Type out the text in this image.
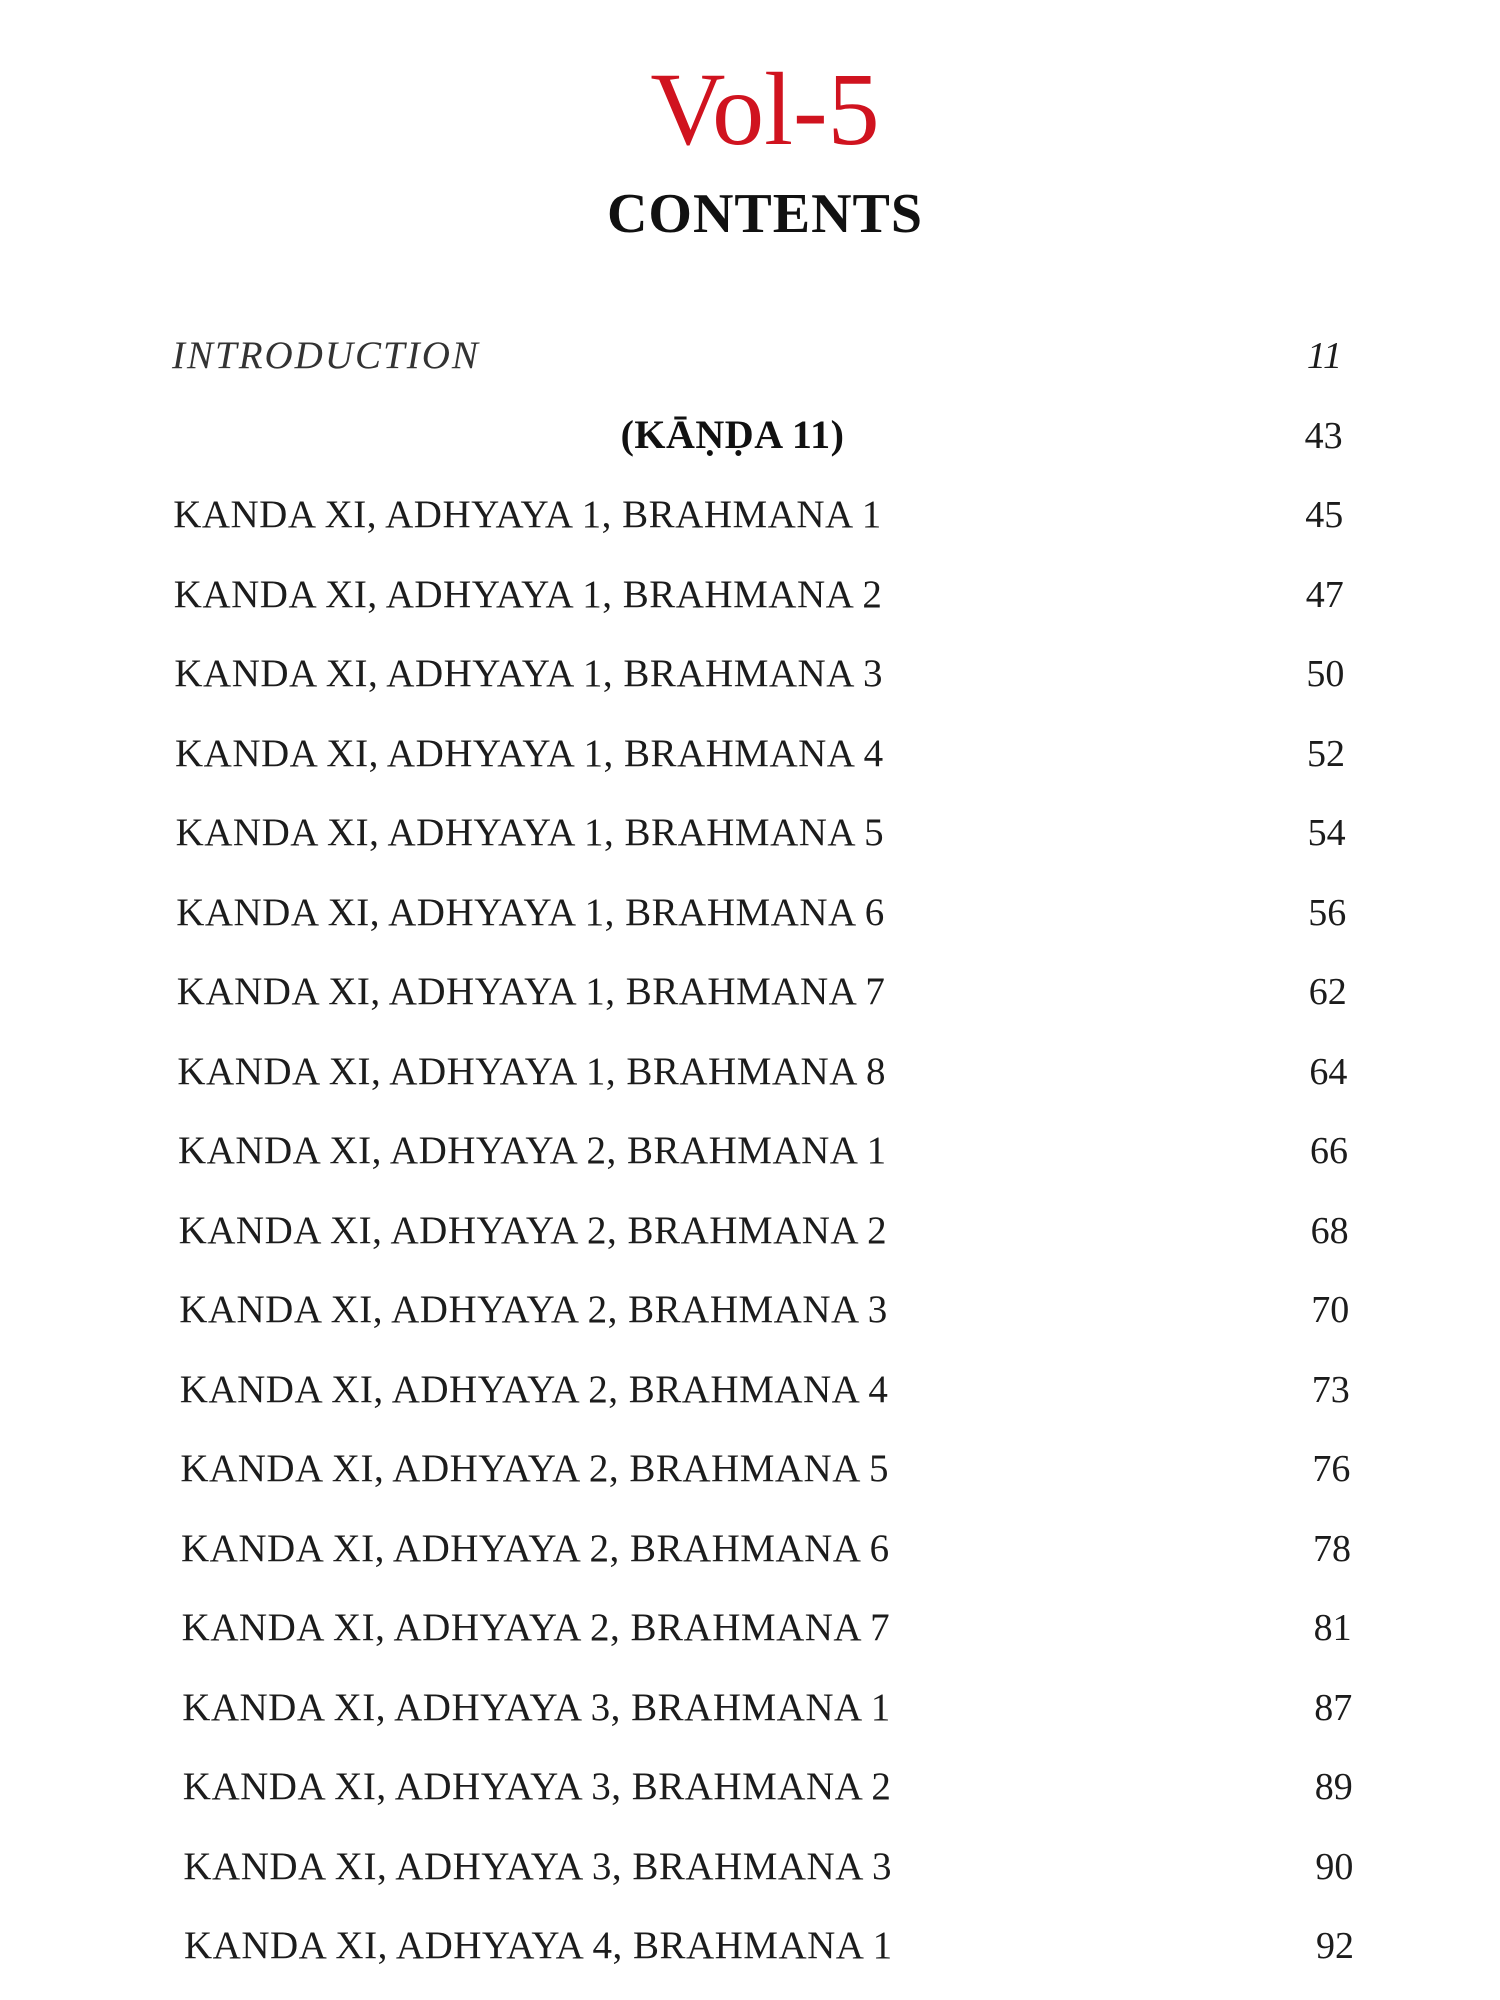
Vol-5
CONTENTS
INTRODUCTION	11
(KĀṆḌA 11)	43
KANDA XI, ADHYAYA 1, BRAHMANA 1	45
KANDA XI, ADHYAYA 1, BRAHMANA 2	47
KANDA XI, ADHYAYA 1, BRAHMANA 3	50
KANDA XI, ADHYAYA 1, BRAHMANA 4	52
KANDA XI, ADHYAYA 1, BRAHMANA 5	54
KANDA XI, ADHYAYA 1, BRAHMANA 6	56
KANDA XI, ADHYAYA 1, BRAHMANA 7	62
KANDA XI, ADHYAYA 1, BRAHMANA 8	64
KANDA XI, ADHYAYA 2, BRAHMANA 1	66
KANDA XI, ADHYAYA 2, BRAHMANA 2	68
KANDA XI, ADHYAYA 2, BRAHMANA 3	70
KANDA XI, ADHYAYA 2, BRAHMANA 4	73
KANDA XI, ADHYAYA 2, BRAHMANA 5	76
KANDA XI, ADHYAYA 2, BRAHMANA 6	78
KANDA XI, ADHYAYA 2, BRAHMANA 7	81
KANDA XI, ADHYAYA 3, BRAHMANA 1	87
KANDA XI, ADHYAYA 3, BRAHMANA 2	89
KANDA XI, ADHYAYA 3, BRAHMANA 3	90
KANDA XI, ADHYAYA 4, BRAHMANA 1	92
